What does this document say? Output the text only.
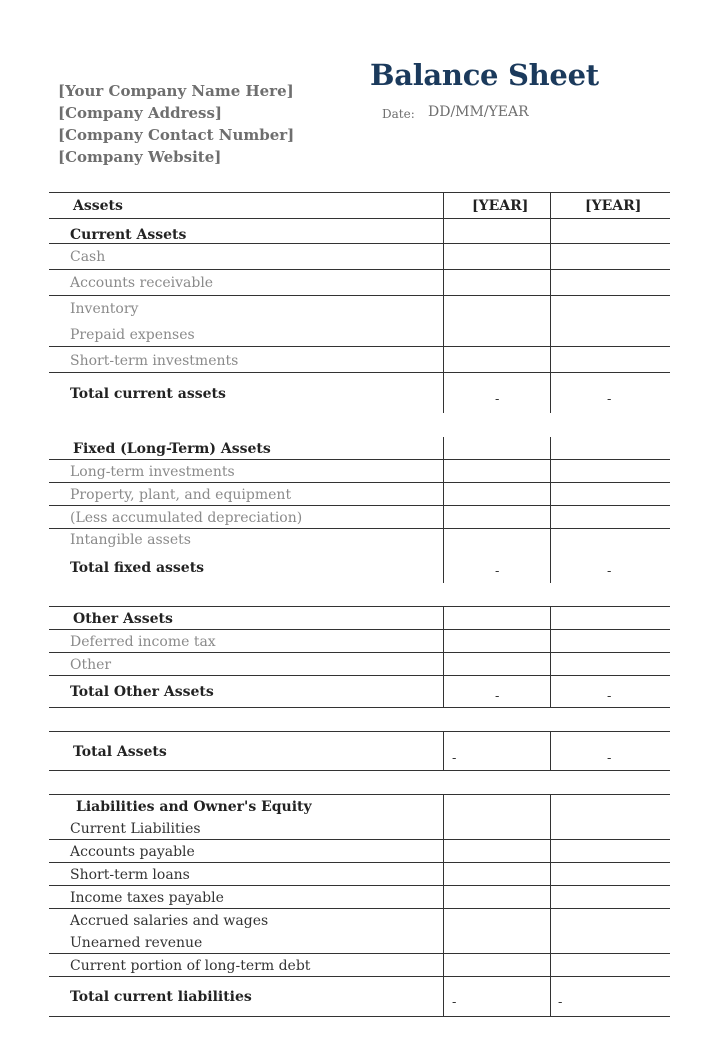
[Your Company Name Here]
[Company Address]
[Company Contact Number]
[Company Website]
Balance Sheet
Date: DD/MM/YEAR
Assets	[YEAR]	[YEAR]
Current Assets
Cash
Accounts receivable
Inventory
Prepaid expenses
Short-term investments
Total current assets	-	-
Fixed (Long-Term) Assets
Long-term investments
Property, plant, and equipment
(Less accumulated depreciation)
Intangible assets
Total fixed assets	-	-
Other Assets
Deferred income tax
Other
Total Other Assets	-	-
Total Assets	-	-
Liabilities and Owner's Equity
Current Liabilities
Accounts payable
Short-term loans
Income taxes payable
Accrued salaries and wages
Unearned revenue
Current portion of long-term debt
Total current liabilities	-	-
